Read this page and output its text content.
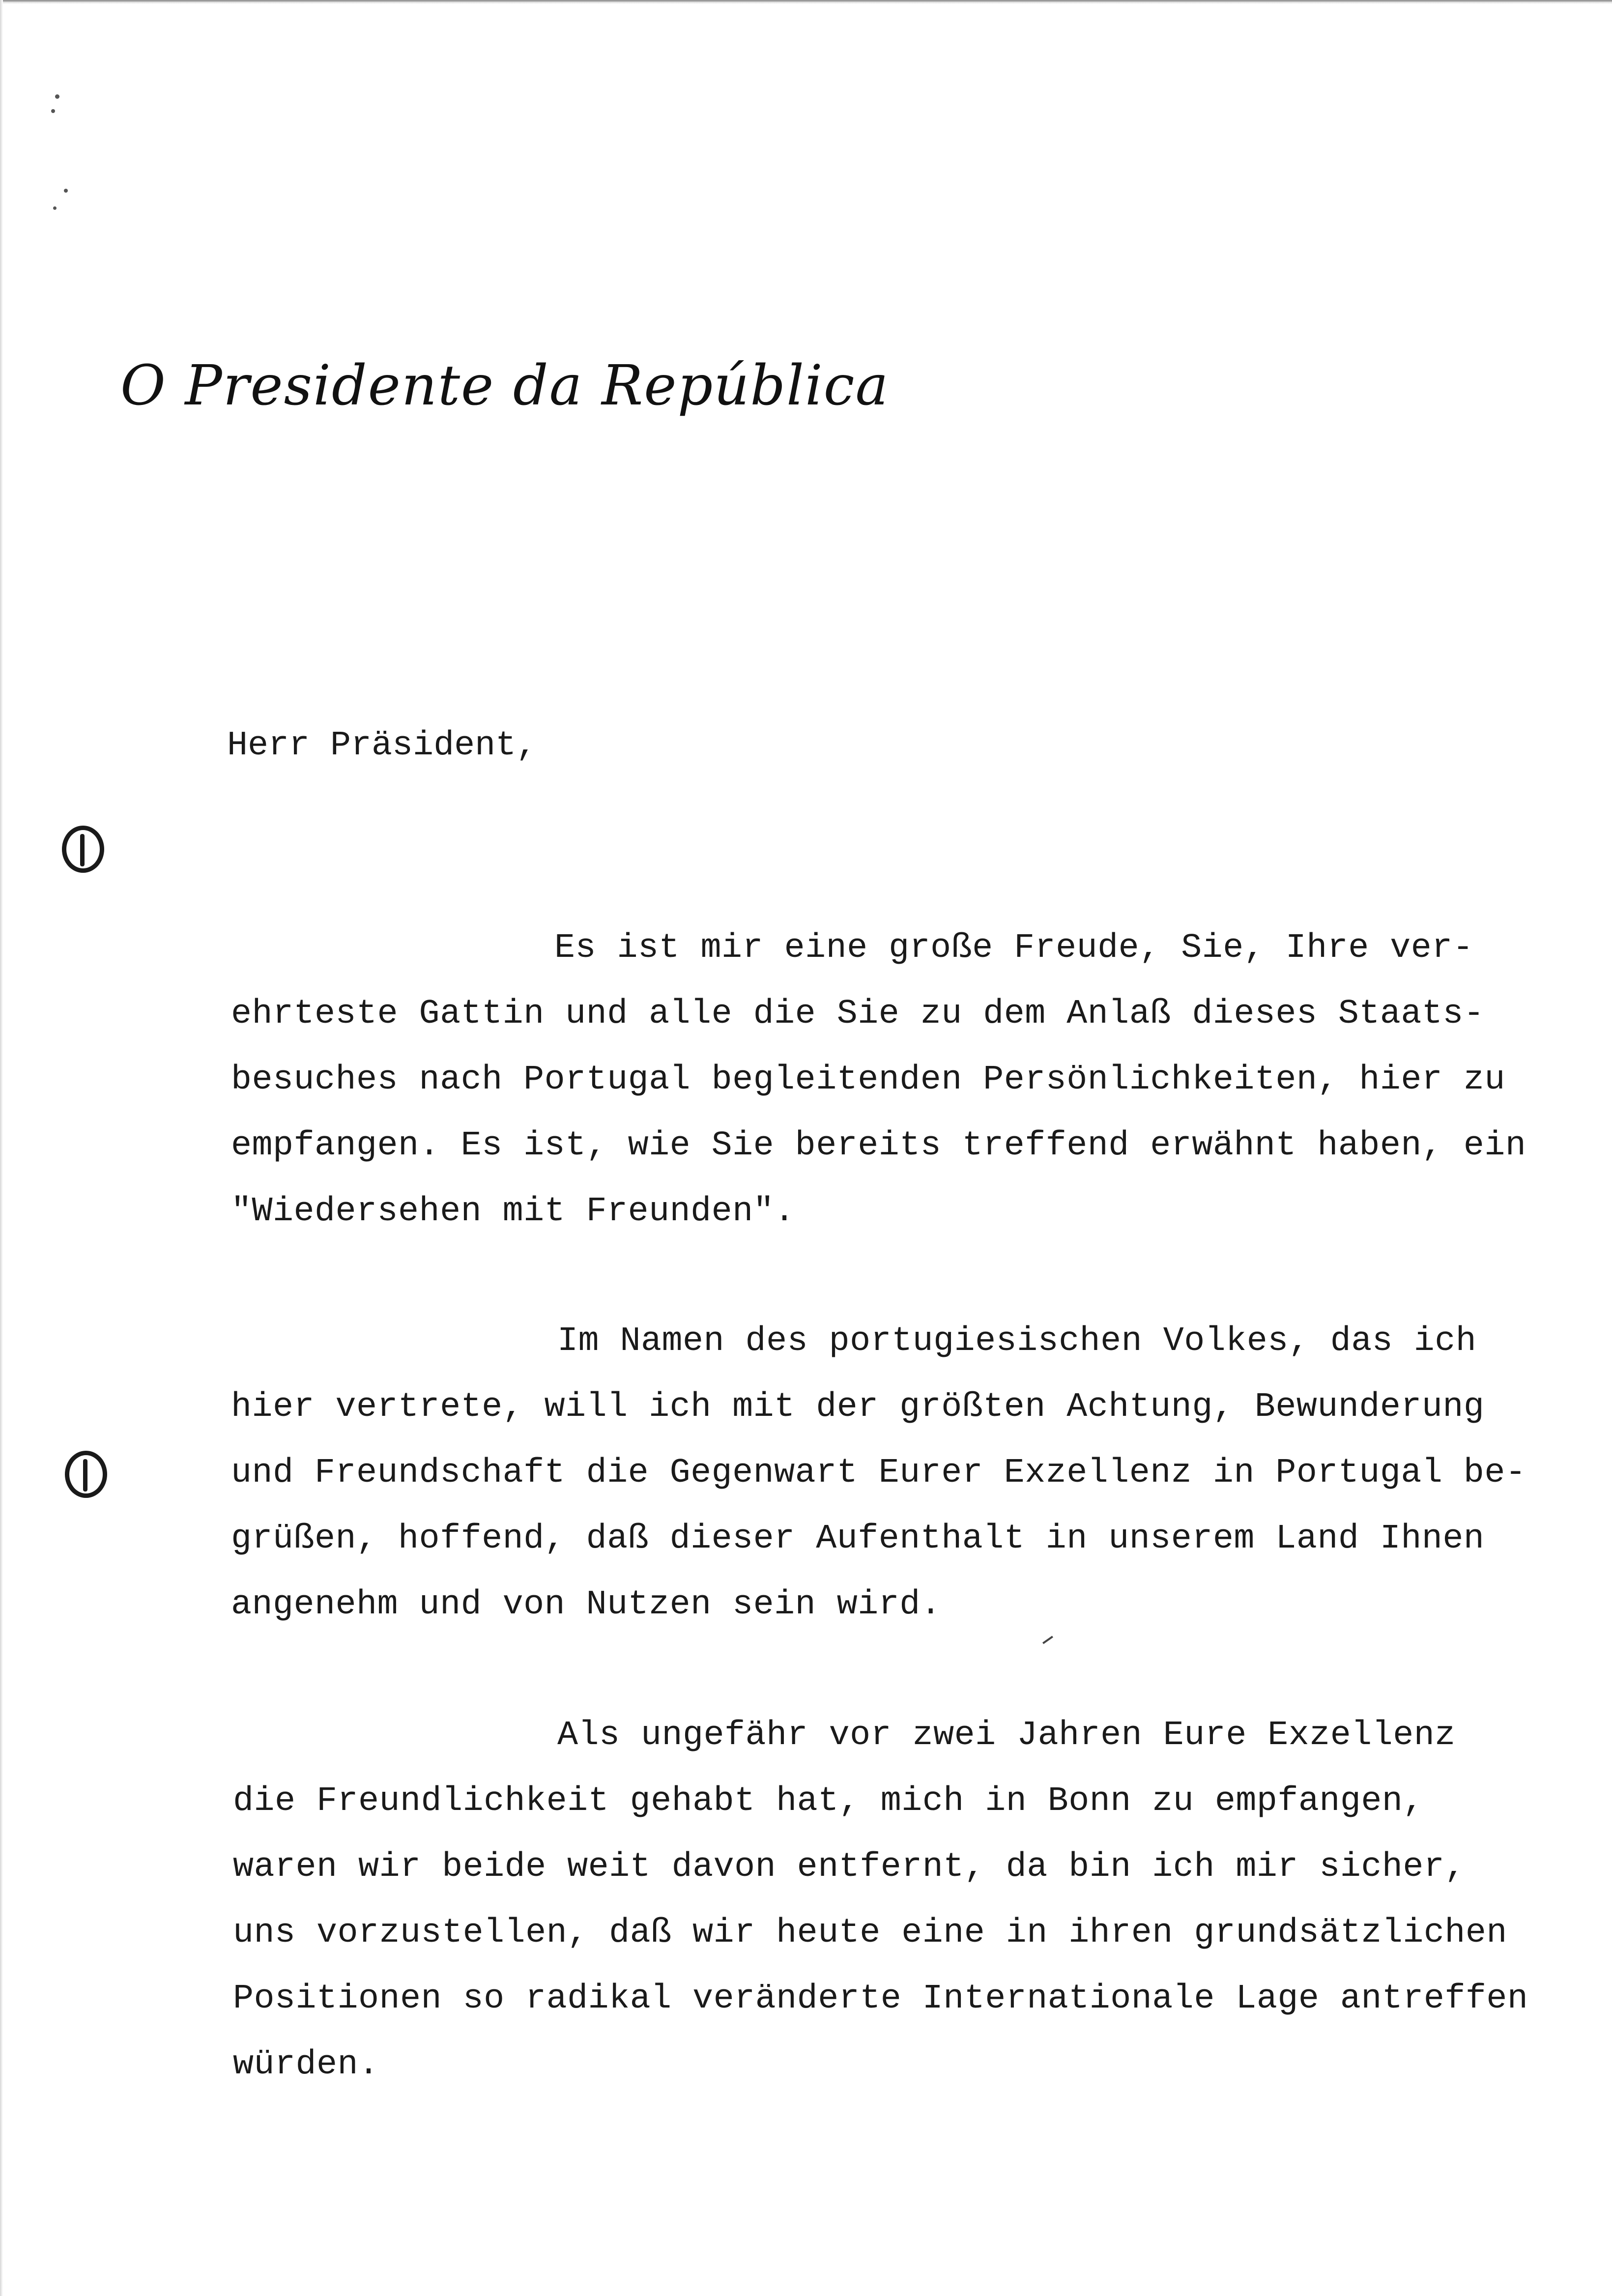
O Presidente da República
Herr Präsident,
Es ist mir eine große Freude, Sie, Ihre ver-
ehrteste Gattin und alle die Sie zu dem Anlaß dieses Staats-
besuches nach Portugal begleitenden Persönlichkeiten, hier zu
empfangen. Es ist, wie Sie bereits treffend erwähnt haben, ein
"Wiedersehen mit Freunden".
Im Namen des portugiesischen Volkes, das ich
hier vertrete, will ich mit der größten Achtung, Bewunderung
und Freundschaft die Gegenwart Eurer Exzellenz in Portugal be-
grüßen, hoffend, daß dieser Aufenthalt in unserem Land Ihnen
angenehm und von Nutzen sein wird.
Als ungefähr vor zwei Jahren Eure Exzellenz
die Freundlichkeit gehabt hat, mich in Bonn zu empfangen,
waren wir beide weit davon entfernt, da bin ich mir sicher,
uns vorzustellen, daß wir heute eine in ihren grundsätzlichen
Positionen so radikal veränderte Internationale Lage antreffen
würden.
